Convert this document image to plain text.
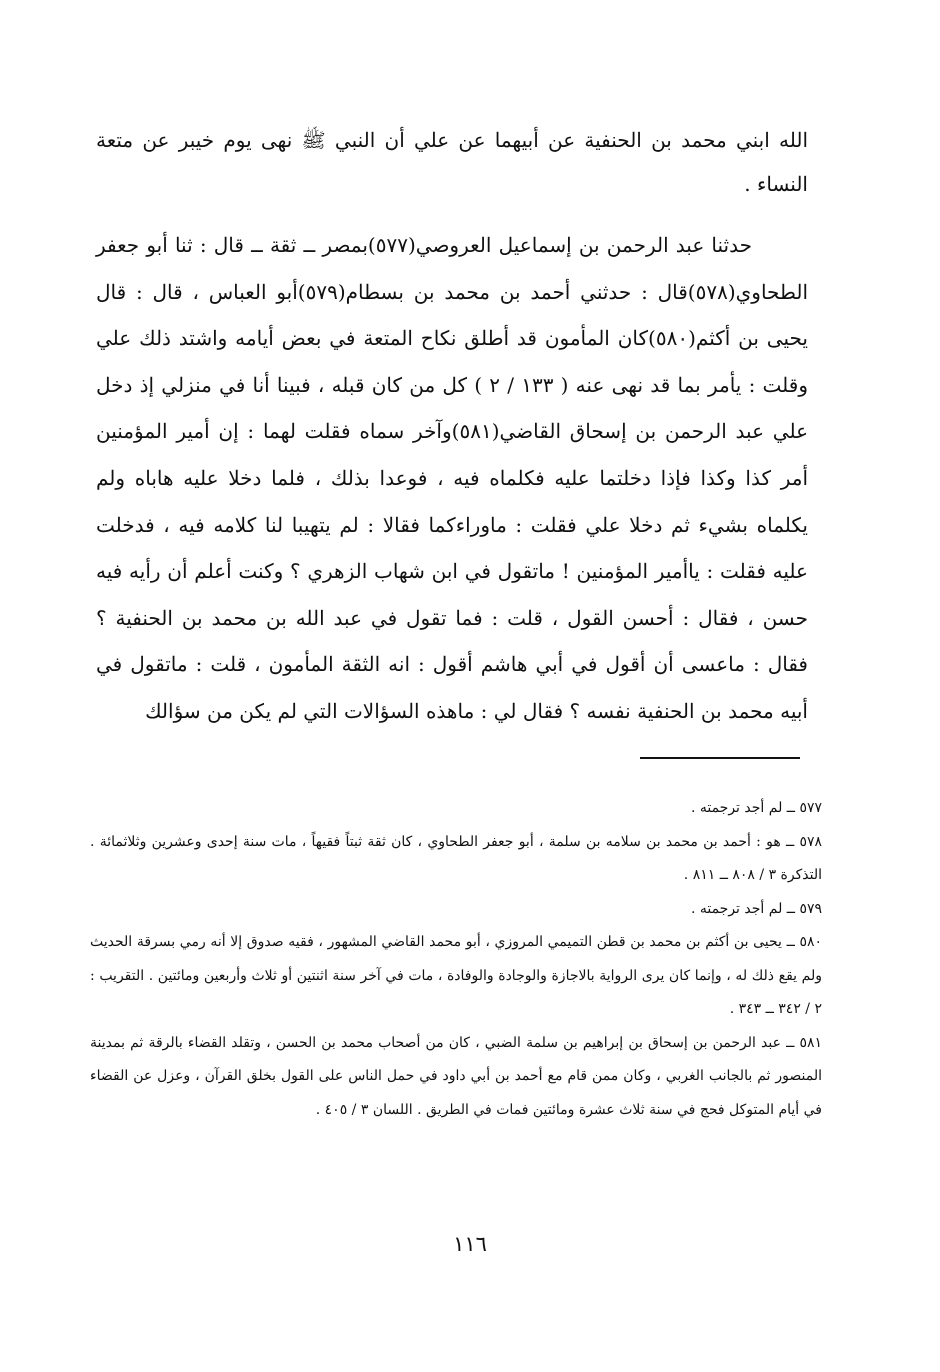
الله ابني محمد بن الحنفية عن أبيهما عن علي أن النبي ﷺ نهى يوم خيبر عن متعة النساء .

حدثنا عبد الرحمن بن إسماعيل العروصي(٥٧٧)بمصر ــ ثقة ــ قال : ثنا أبو جعفر الطحاوي(٥٧٨)قال : حدثني أحمد بن محمد بن بسطام(٥٧٩)أبو العباس ، قال : قال يحيى بن أكثم(٥٨٠)كان المأمون قد أطلق نكاح المتعة في بعض أيامه واشتد ذلك علي وقلت : يأمر بما قد نهى عنه ( ١٣٣ / ٢ ) كل من كان قبله ، فبينا أنا في منزلي إذ دخل علي عبد الرحمن بن إسحاق القاضي(٥٨١)وآخر سماه فقلت لهما : إن أمير المؤمنين أمر كذا وكذا فإذا دخلتما عليه فكلماه فيه ، فوعدا بذلك ، فلما دخلا عليه هاباه ولم يكلماه بشيء ثم دخلا علي فقلت : ماوراءكما فقالا : لم يتهيبا لنا كلامه فيه ، فدخلت عليه فقلت : ياأمير المؤمنين ! ماتقول في ابن شهاب الزهري ؟ وكنت أعلم أن رأيه فيه حسن ، فقال : أحسن القول ، قلت : فما تقول في عبد الله بن محمد بن الحنفية ؟ فقال : ماعسى أن أقول في أبي هاشم أقول : انه الثقة المأمون ، قلت : ماتقول في أبيه محمد بن الحنفية نفسه ؟ فقال لي : ماهذه السؤالات التي لم يكن من سؤالك

٥٧٧ ــ لم أجد ترجمته .

٥٧٨ ــ هو : أحمد بن محمد بن سلامه بن سلمة ، أبو جعفر الطحاوي ، كان ثقة ثبتاً فقيهاً ، مات سنة إحدى وعشرين وثلاثمائة . التذكرة ٣ / ٨٠٨ ــ ٨١١ .

٥٧٩ ــ لم أجد ترجمته .

٥٨٠ ــ يحيى بن أكثم بن محمد بن قطن التميمي المروزي ، أبو محمد القاضي المشهور ، فقيه صدوق إلا أنه رمي بسرقة الحديث ولم يقع ذلك له ، وإنما كان يرى الرواية بالاجازة والوجادة والوفادة ، مات في آخر سنة اثنتين أو ثلاث وأربعين ومائتين . التقريب : ٢ / ٣٤٢ ــ ٣٤٣ .

٥٨١ ــ عبد الرحمن بن إسحاق بن إبراهيم بن سلمة الضبي ، كان من أصحاب محمد بن الحسن ، وتقلد القضاء بالرقة ثم بمدينة المنصور ثم بالجانب الغربي ، وكان ممن قام مع أحمد بن أبي داود في حمل الناس على القول بخلق القرآن ، وعزل عن القضاء في أيام المتوكل فحج في سنة ثلاث عشرة ومائتين فمات في الطريق . اللسان ٣ / ٤٠٥ .

١١٦
